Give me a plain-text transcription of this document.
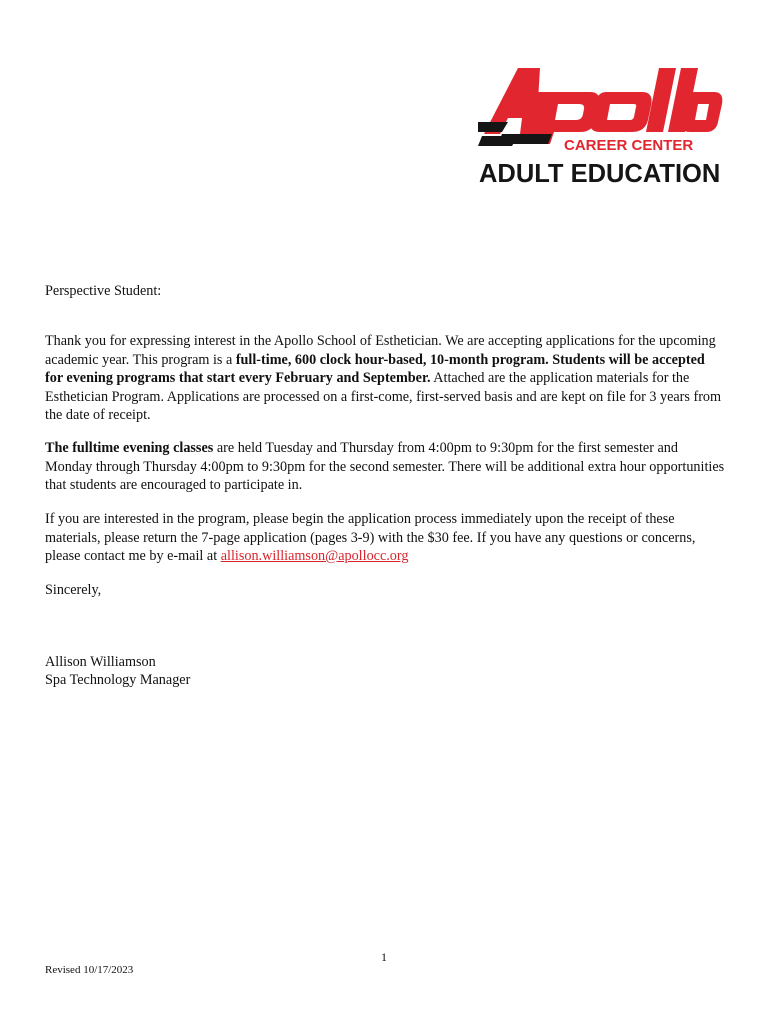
CAREER CENTER
ADULT EDUCATION
Perspective Student:

Thank you for expressing interest in the Apollo School of Esthetician. We are accepting applications for the upcoming academic year. This program is a full-time, 600 clock hour-based, 10-month program. Students will be accepted for evening programs that start every February and September. Attached are the application materials for the Esthetician Program. Applications are processed on a first-come, first-served basis and are kept on file for 3 years from the date of receipt.

The fulltime evening classes are held Tuesday and Thursday from 4:00pm to 9:30pm for the first semester and Monday through Thursday 4:00pm to 9:30pm for the second semester. There will be additional extra hour opportunities that students are encouraged to participate in.

If you are interested in the program, please begin the application process immediately upon the receipt of these materials, please return the 7-page application (pages 3-9) with the $30 fee. If you have any questions or concerns, please contact me by e-mail at allison.williamson@apollocc.org

Sincerely,
Allison Williamson
Spa Technology Manager
1
Revised 10/17/2023
